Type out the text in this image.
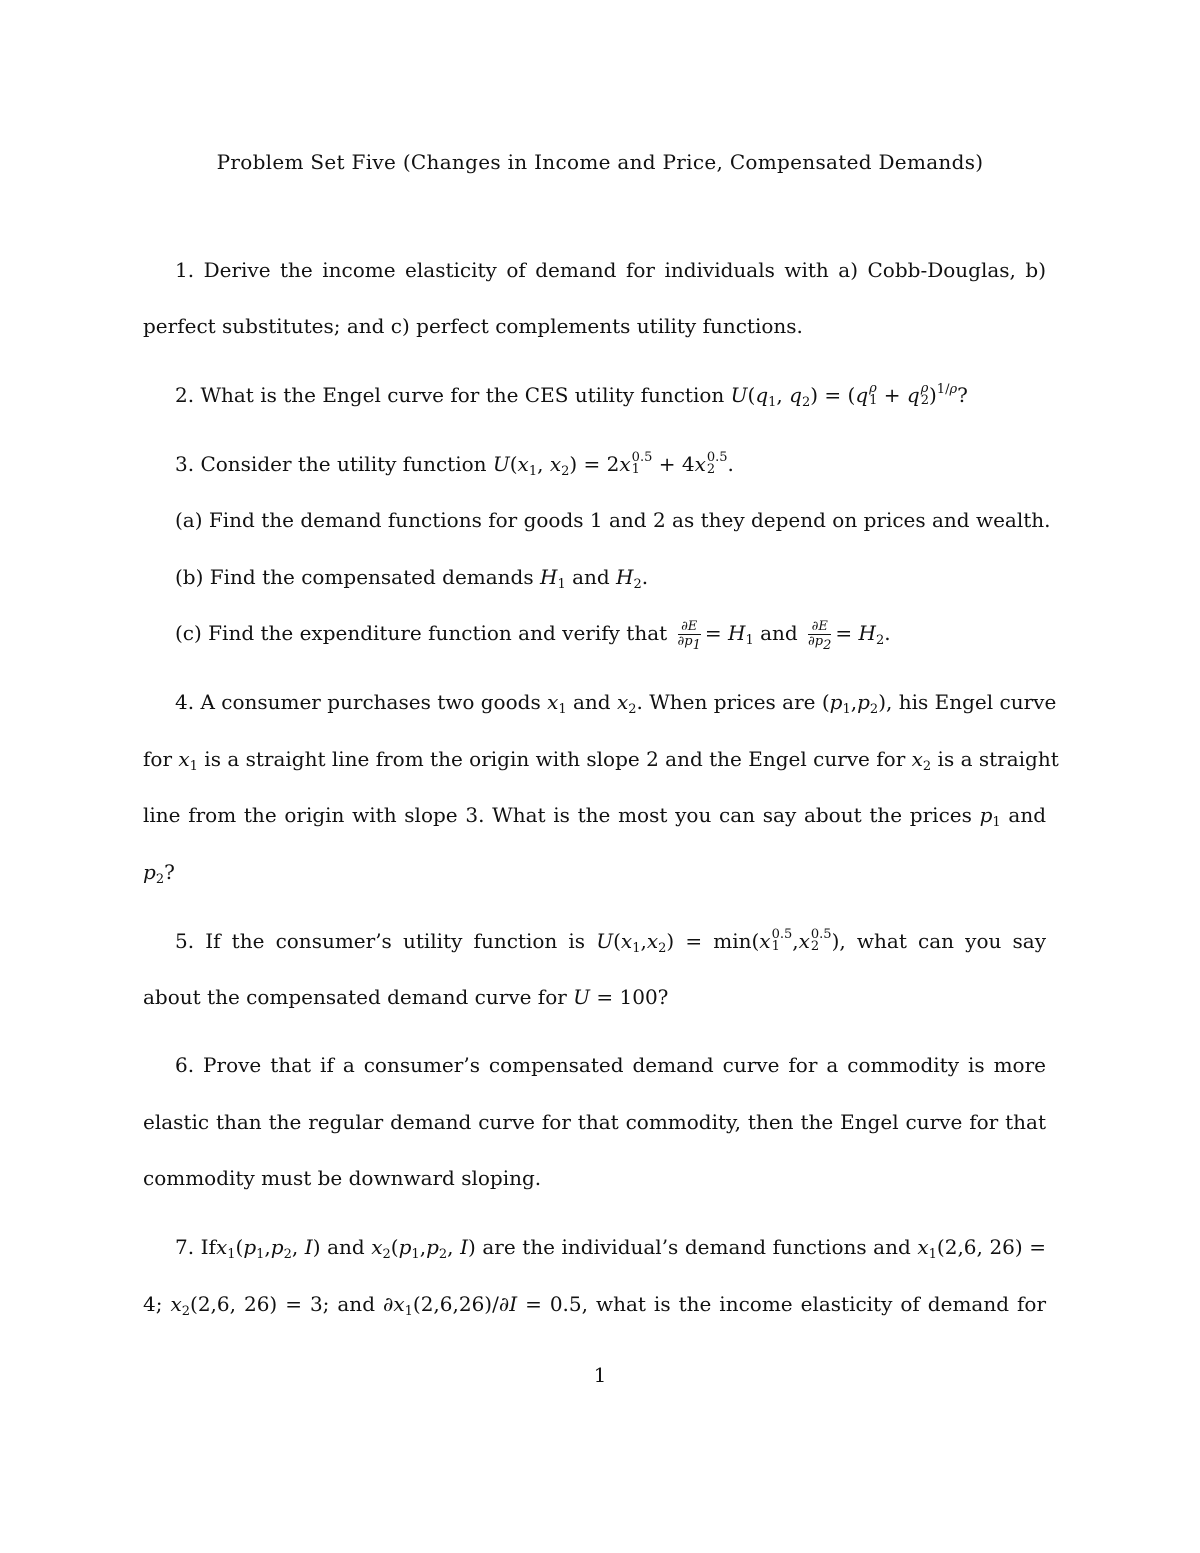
Problem Set Five (Changes in Income and Price, Compensated Demands)
1. Derive the income elasticity of demand for individuals with a) Cobb-Douglas, b)
perfect substitutes; and c) perfect complements utility functions.
2. What is the Engel curve for the CES utility function $U(q_1$, $q_2) = (q$ ρ
1 + q ρ
2 )$^{1/\rho}$?
3. Consider the utility function $U(x_1$, $x_2) = 2x$ 0.5
1 + 4x 0.5
2 .
(a) Find the demand functions for goods 1 and 2 as they depend on prices and wealth.
(b) Find the compensated demands $H_1$ and $H_2$.
(c) Find the expenditure function and verify that $\frac{\partial E}{\partial p_1} = H_1$ and $\frac{\partial E}{\partial p_2} = H_2$.
4. A consumer purchases two goods $x_1$ and $x_2$. When prices are $(p_1,p_2)$, his Engel curve
for $x_1$ is a straight line from the origin with slope 2 and the Engel curve for $x_2$ is a straight
line from the origin with slope 3. What is the most you can say about the prices $p_1$ and
$p_2$?
5. If the consumer’s utility function is $U(x_1,x_2) = \min(x$ 0.5
1 ,x 0.5
2 ), what can you say
about the compensated demand curve for U = 100?
6. Prove that if a consumer’s compensated demand curve for a commodity is more
elastic than the regular demand curve for that commodity, then the Engel curve for that
commodity must be downward sloping.
7. $Ifx_1(p_1,p_2$, I) and $x_2(p_1,p_2$, I) are the individual’s demand functions and $x_1(2,6$, 26) =
4; $x_2(2,6$, 26) = 3; and $\partial x_1(2,6,26)/\partial I = 0.5$, what is the income elasticity of demand for
1
